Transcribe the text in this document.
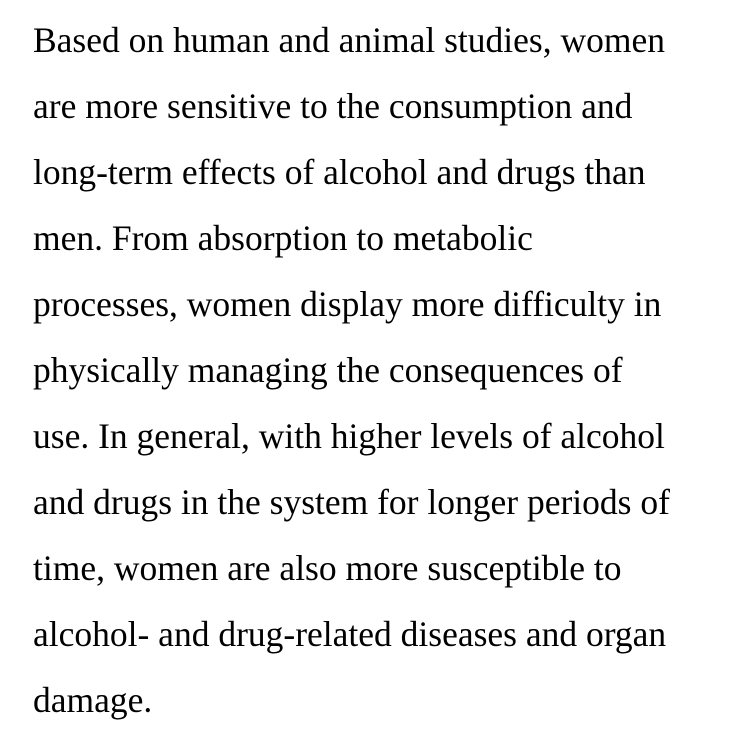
Based on human and animal studies, women
are more sensitive to the consumption and
long-term effects of alcohol and drugs than
men. From absorption to metabolic
processes, women display more difficulty in
physically managing the consequences of
use. In general, with higher levels of alcohol
and drugs in the system for longer periods of
time, women are also more susceptible to
alcohol- and drug-related diseases and organ
damage.
